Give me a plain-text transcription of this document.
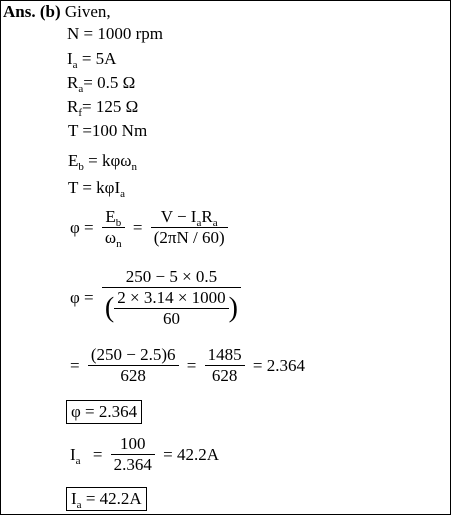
Ans. (b) Given,
N = 1000 rpm
$I_a = 5A$
$R_a= 0.5$ Ω
$R_f= 125$ Ω
T =100 Nm
$E_b = k\varphi\omega_n$
T = kφI$_a$
$\varphi = \frac{E_b}{\omega_n} = \frac{V - I_aR_a}{(2\pi N / 60)}$
$\varphi = \frac{250 - 5 \times 0.5}{( \frac{2 \times 3.14 \times 1000}{60} )}$
= $\frac{(250 - 2.5)6}{628} = \frac{1485}{628} = 2.364$
φ = 2.364
$I_a = \frac{100}{2.364} = 42.2A$
$I_a = 42.2A$
